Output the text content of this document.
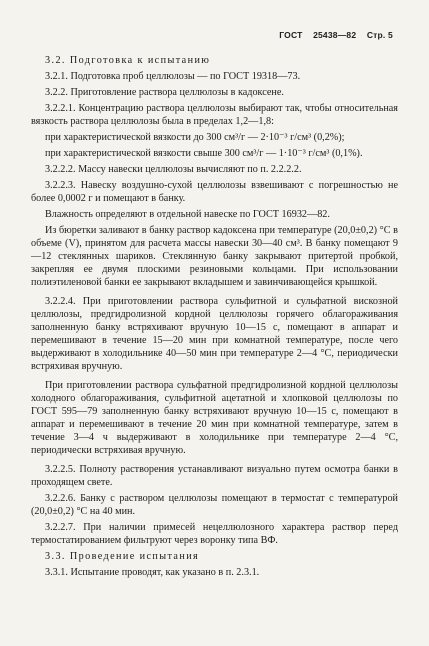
ГОСТ 25438—82 Стр. 5

3.2. Подготовка к испытанию

3.2.1. Подготовка проб целлюлозы — по ГОСТ 19318—73.

3.2.2. Приготовление раствора целлюлозы в кадоксене.

3.2.2.1. Концентрацию раствора целлюлозы выбирают так, чтобы относительная вязкость раствора целлюлозы была в пределах 1,2—1,8:

при характеристической вязкости до 300 см³/г — 2·10⁻³ г/см³ (0,2%);

при характеристической вязкости свыше 300 см³/г — 1·10⁻³ г/см³ (0,1%).

3.2.2.2. Массу навески целлюлозы вычисляют по п. 2.2.2.2.

3.2.2.3. Навеску воздушно-сухой целлюлозы взвешивают с погрешностью не более 0,0002 г и помещают в банку.

Влажность определяют в отдельной навеске по ГОСТ 16932—82.

Из бюретки заливают в банку раствор кадоксена при температуре (20,0±0,2) °С в объеме (V), принятом для расчета массы навески 30—40 см³. В банку помещают 9—12 стеклянных шариков. Стеклянную банку закрывают притертой пробкой, закрепляя ее двумя плоскими резиновыми кольцами. При использовании полиэтиленовой банки ее закрывают вкладышем и завинчивающейся крышкой.

3.2.2.4. При приготовлении раствора сульфитной и сульфатной вискозной целлюлозы, предгидролизной кордной целлюлозы горячего облагораживания заполненную банку встряхивают вручную 10—15 с, помещают в аппарат и перемешивают в течение 15—20 мин при комнатной температуре, после чего выдерживают в холодильнике 40—50 мин при температуре 2—4 °С, периодически встряхивая вручную.

При приготовлении раствора сульфатной предгидролизной кордной целлюлозы холодного облагораживания, сульфитной ацетатной и хлопковой целлюлозы по ГОСТ 595—79 заполненную банку встряхивают вручную 10—15 с, помещают в аппарат и перемешивают в течение 20 мин при комнатной температуре, затем в течение 3—4 ч выдерживают в холодильнике при температуре 2—4 °С, периодически встряхивая вручную.

3.2.2.5. Полноту растворения устанавливают визуально путем осмотра банки в проходящем свете.

3.2.2.6. Банку с раствором целлюлозы помещают в термостат с температурой (20,0±0,2) °С на 40 мин.

3.2.2.7. При наличии примесей нецеллюлозного характера раствор перед термостатированием фильтруют через воронку типа ВФ.

3.3. Проведение испытания

3.3.1. Испытание проводят, как указано в п. 2.3.1.
